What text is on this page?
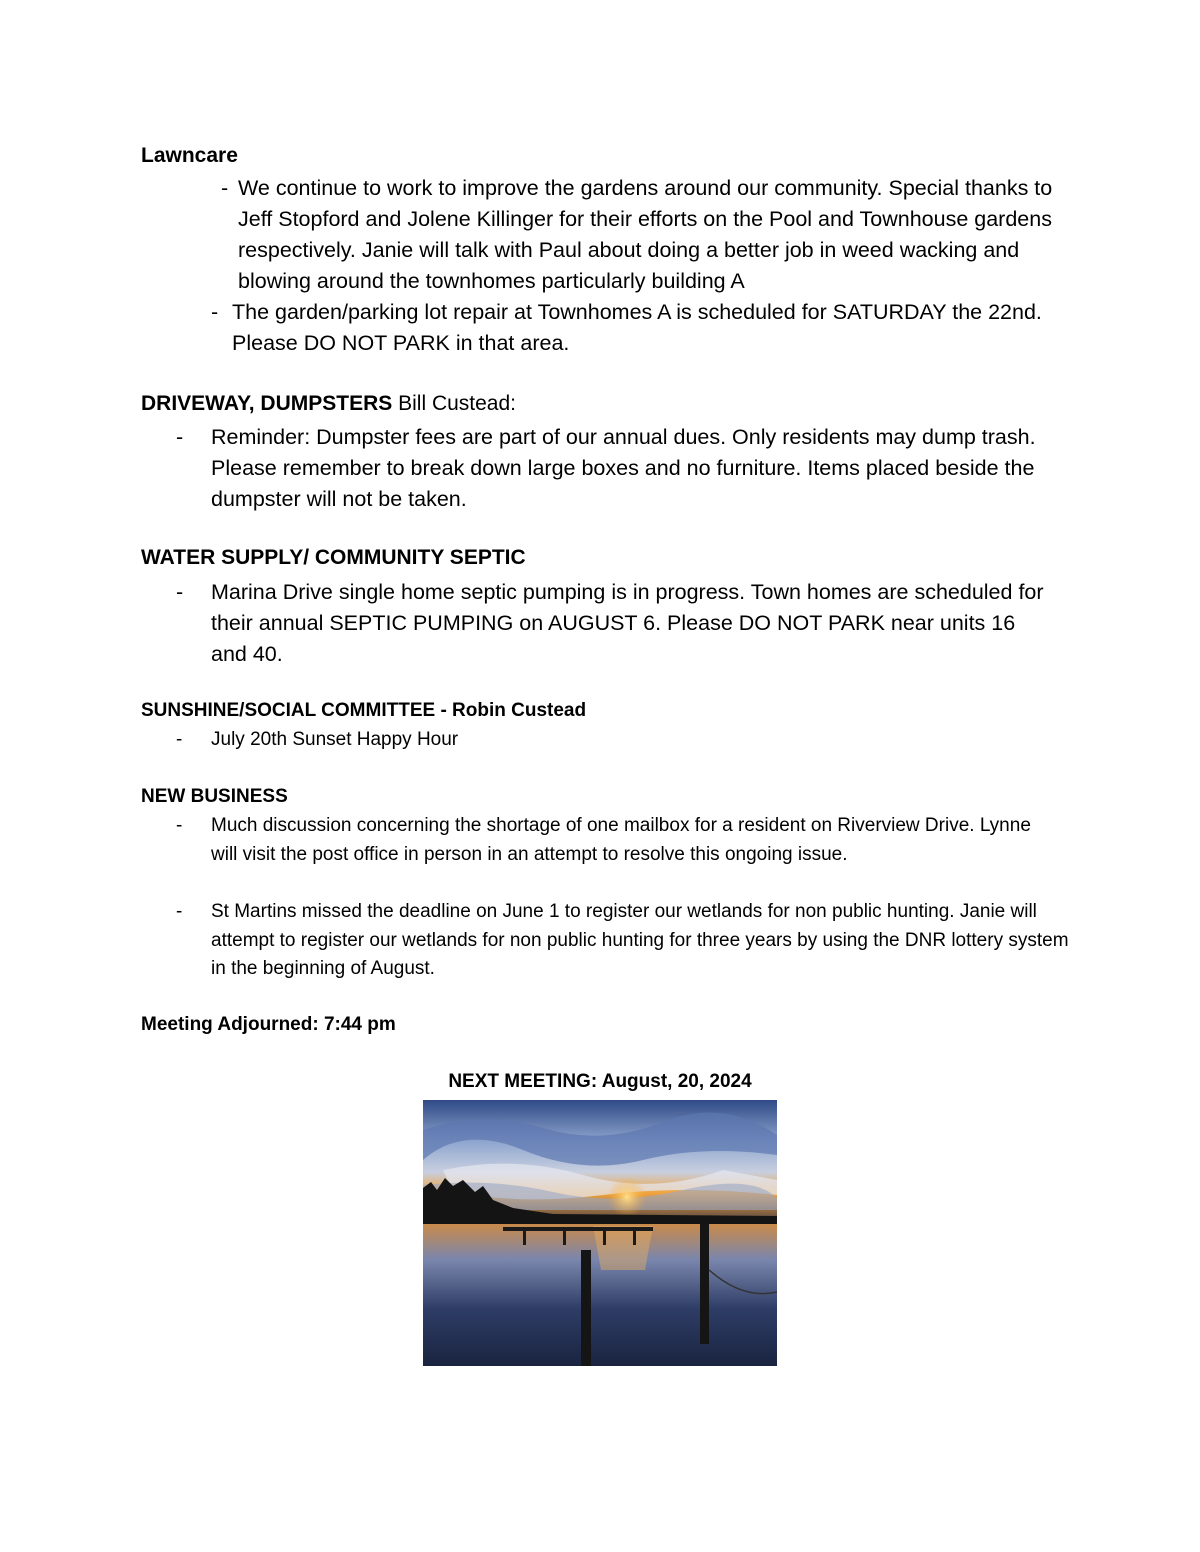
Lawncare
- We continue to work to improve the gardens around our community. Special thanks to Jeff Stopford and Jolene Killinger for their efforts on the Pool and Townhouse gardens respectively. Janie will talk with Paul about doing a better job in weed wacking and blowing around the townhomes particularly building A
- The garden/parking lot repair at Townhomes A is scheduled for SATURDAY the 22nd. Please DO NOT PARK in that area.
DRIVEWAY, DUMPSTERS Bill Custead:
- Reminder: Dumpster fees are part of our annual dues. Only residents may dump trash. Please remember to break down large boxes and no furniture. Items placed beside the dumpster will not be taken.
WATER SUPPLY/ COMMUNITY SEPTIC
- Marina Drive single home septic pumping is in progress. Town homes are scheduled for their annual SEPTIC PUMPING on AUGUST 6. Please DO NOT PARK near units 16 and 40.
SUNSHINE/SOCIAL COMMITTEE - Robin Custead
- July 20th Sunset Happy Hour
NEW BUSINESS
- Much discussion concerning the shortage of one mailbox for a resident on Riverview Drive. Lynne will visit the post office in person in an attempt to resolve this ongoing issue.
- St Martins missed the deadline on June 1 to register our wetlands for non public hunting. Janie will attempt to register our wetlands for non public hunting for three years by using the DNR lottery system in the beginning of August.
Meeting Adjourned: 7:44 pm
NEXT MEETING: August, 20, 2024
